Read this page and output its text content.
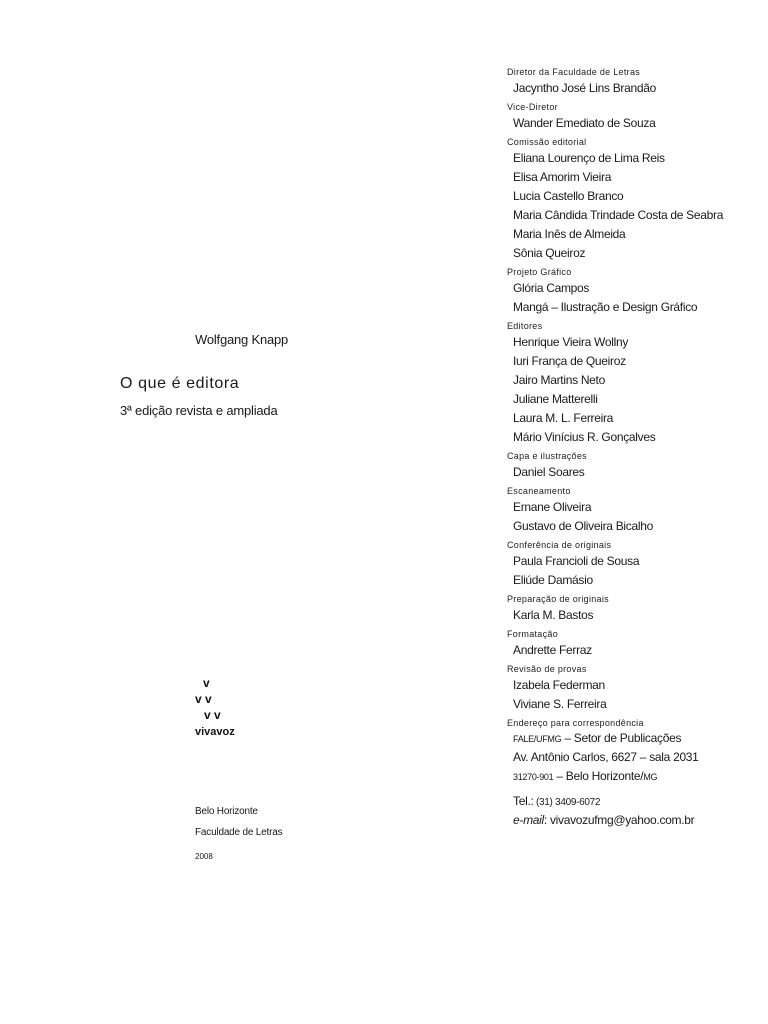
Wolfgang Knapp
O que é editora
3ª edição revista e ampliada
v
v v
v v
vivavoz
Belo Horizonte
Faculdade de Letras
2008
Diretor da Faculdade de Letras
Jacyntho José Lins Brandão
Vice-Diretor
Wander Emediato de Souza
Comissão editorial
Eliana Lourenço de Lima Reis
Elisa Amorim Vieira
Lucia Castello Branco
Maria Cândida Trindade Costa de Seabra
Maria Inês de Almeida
Sônia Queiroz
Projeto Gráfico
Glória Campos
Mangá – Ilustração e Design Gráfico
Editores
Henrique Vieira Wollny
Iuri França de Queiroz
Jairo Martins Neto
Juliane Matterelli
Laura M. L. Ferreira
Mário Vinícius R. Gonçalves
Capa e ilustrações
Daniel Soares
Escaneamento
Ernane Oliveira
Gustavo de Oliveira Bicalho
Conferência de originais
Paula Francioli de Sousa
Eliúde Damásio
Preparação de originais
Karla M. Bastos
Formatação
Andrette Ferraz
Revisão de provas
Izabela Federman
Viviane S. Ferreira
Endereço para correspondência
FALE/UFMG – Setor de Publicações
Av. Antônio Carlos, 6627 – sala 2031
31270-901 – Belo Horizonte/MG
Tel.: (31) 3409-6072
e-mail: vivavozufmg@yahoo.com.br
